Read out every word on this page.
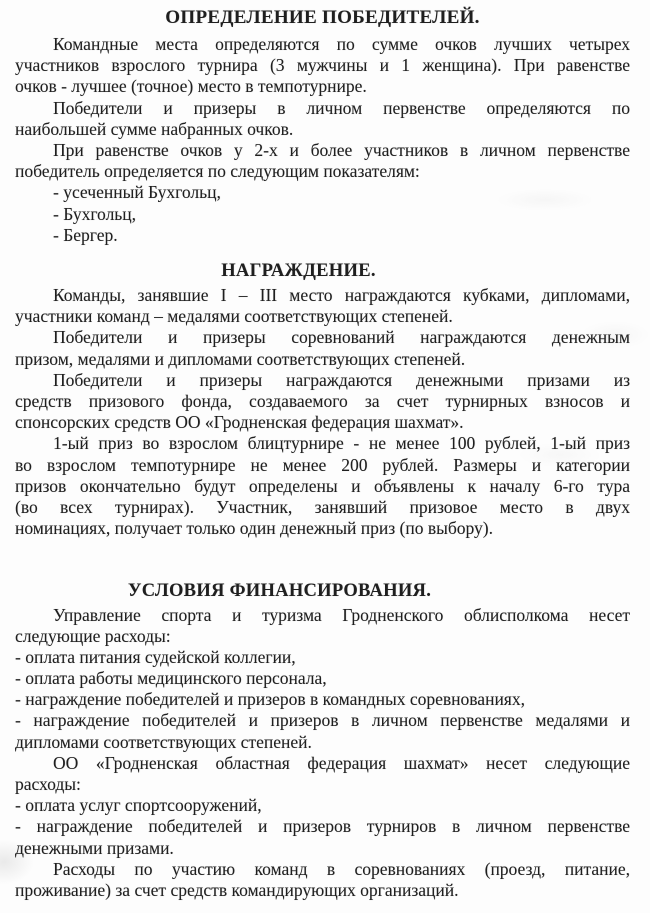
ОПРЕДЕЛЕНИЕ ПОБЕДИТЕЛЕЙ.
Командные места определяются по сумме очков лучших четырех
участников взрослого турнира (3 мужчины и 1 женщина). При равенстве
очков - лучшее (точное) место в темпотурнире.
Победители и призеры в личном первенстве определяются по
наибольшей сумме набранных очков.
При равенстве очков у 2-х и более участников в личном первенстве
победитель определяется по следующим показателям:
- усеченный Бухгольц,
- Бухгольц,
- Бергер.
НАГРАЖДЕНИЕ.
Команды, занявшие I – III место награждаются кубками, дипломами,
участники команд – медалями соответствующих степеней.
Победители и призеры соревнований награждаются денежным
призом, медалями и дипломами соответствующих степеней.
Победители и призеры награждаются денежными призами из
средств призового фонда, создаваемого за счет турнирных взносов и
спонсорских средств ОО «Гродненская федерация шахмат».
1-ый приз во взрослом блицтурнире - не менее 100 рублей, 1-ый приз
во взрослом темпотурнире не менее 200 рублей. Размеры и категории
призов окончательно будут определены и объявлены к началу 6-го тура
(во всех турнирах). Участник, занявший призовое место в двух
номинациях, получает только один денежный приз (по выбору).
УСЛОВИЯ ФИНАНСИРОВАНИЯ.
Управление спорта и туризма Гродненского облисполкома несет
следующие расходы:
- оплата питания судейской коллегии,
- оплата работы медицинского персонала,
- награждение победителей и призеров в командных соревнованиях,
- награждение победителей и призеров в личном первенстве медалями и
дипломами соответствующих степеней.
ОО «Гродненская областная федерация шахмат» несет следующие
расходы:
- оплата услуг спортсооружений,
- награждение победителей и призеров турниров в личном первенстве
денежными призами.
Расходы по участию команд в соревнованиях (проезд, питание,
проживание) за счет средств командирующих организаций.
